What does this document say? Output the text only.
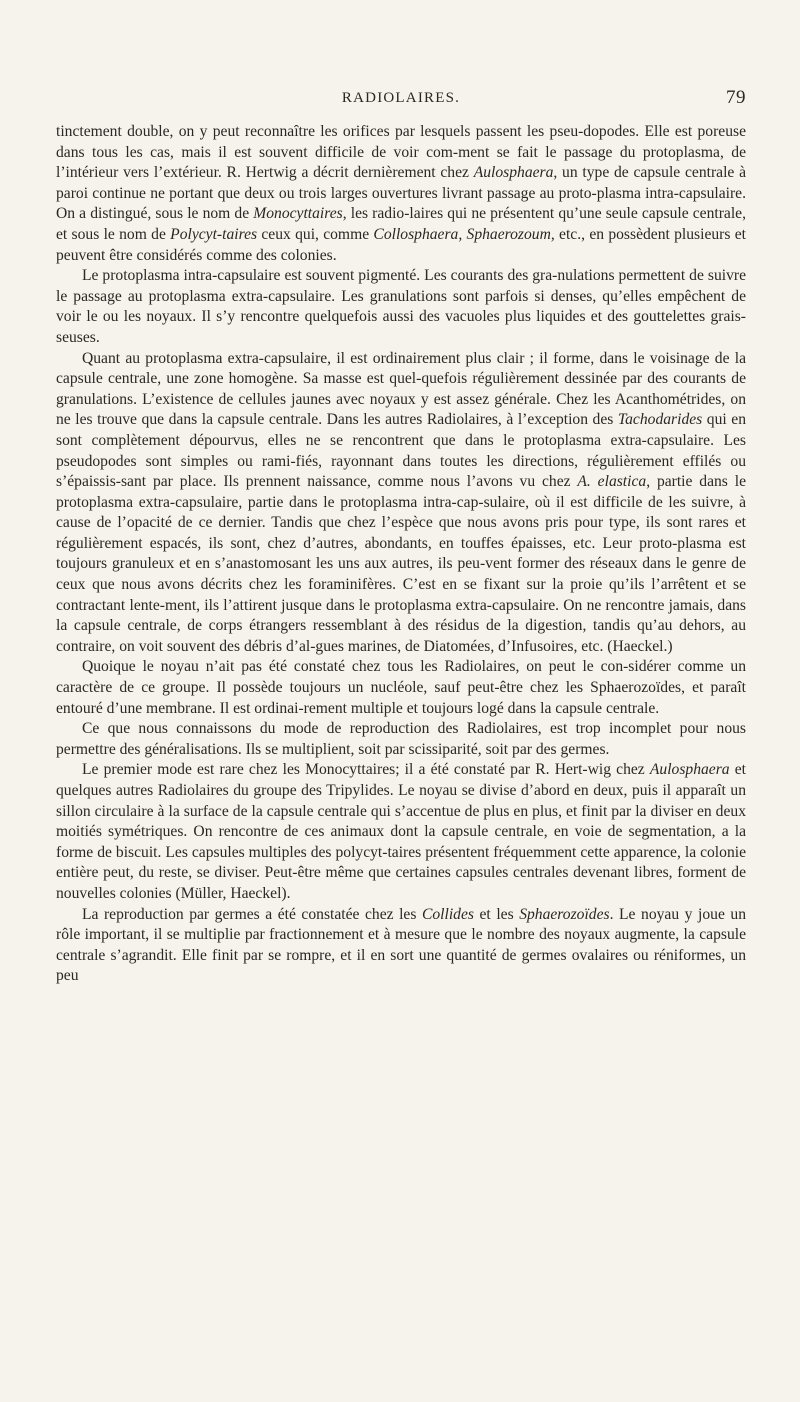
RADIOLAIRES.	79

tinctement double, on y peut reconnaître les orifices par lesquels passent les pseu-dopodes. Elle est poreuse dans tous les cas, mais il est souvent difficile de voir com-ment se fait le passage du protoplasma, de l’intérieur vers l’extérieur. R. Hertwig a décrit dernièrement chez Aulosphaera, un type de capsule centrale à paroi continue ne portant que deux ou trois larges ouvertures livrant passage au proto-plasma intra-capsulaire. On a distingué, sous le nom de Monocyttaires, les radio-laires qui ne présentent qu’une seule capsule centrale, et sous le nom de Polycyt-taires ceux qui, comme Collosphaera, Sphaerozoum, etc., en possèdent plusieurs et peuvent être considérés comme des colonies.

Le protoplasma intra-capsulaire est souvent pigmenté. Les courants des gra-nulations permettent de suivre le passage au protoplasma extra-capsulaire. Les granulations sont parfois si denses, qu’elles empêchent de voir le ou les noyaux. Il s’y rencontre quelquefois aussi des vacuoles plus liquides et des gouttelettes grais-seuses.

Quant au protoplasma extra-capsulaire, il est ordinairement plus clair ; il forme, dans le voisinage de la capsule centrale, une zone homogène. Sa masse est quel-quefois régulièrement dessinée par des courants de granulations. L’existence de cellules jaunes avec noyaux y est assez générale. Chez les Acanthométrides, on ne les trouve que dans la capsule centrale. Dans les autres Radiolaires, à l’exception des Tachodarides qui en sont complètement dépourvus, elles ne se rencontrent que dans le protoplasma extra-capsulaire. Les pseudopodes sont simples ou rami-fiés, rayonnant dans toutes les directions, régulièrement effilés ou s’épaissis-sant par place. Ils prennent naissance, comme nous l’avons vu chez A. elastica, partie dans le protoplasma extra-capsulaire, partie dans le protoplasma intra-cap-sulaire, où il est difficile de les suivre, à cause de l’opacité de ce dernier. Tandis que chez l’espèce que nous avons pris pour type, ils sont rares et régulièrement espacés, ils sont, chez d’autres, abondants, en touffes épaisses, etc. Leur proto-plasma est toujours granuleux et en s’anastomosant les uns aux autres, ils peu-vent former des réseaux dans le genre de ceux que nous avons décrits chez les foraminifères. C’est en se fixant sur la proie qu’ils l’arrêtent et se contractant lente-ment, ils l’attirent jusque dans le protoplasma extra-capsulaire. On ne rencontre jamais, dans la capsule centrale, de corps étrangers ressemblant à des résidus de la digestion, tandis qu’au dehors, au contraire, on voit souvent des débris d’al-gues marines, de Diatomées, d’Infusoires, etc. (Haeckel.)

Quoique le noyau n’ait pas été constaté chez tous les Radiolaires, on peut le con-sidérer comme un caractère de ce groupe. Il possède toujours un nucléole, sauf peut-être chez les Sphaerozoïdes, et paraît entouré d’une membrane. Il est ordinai-rement multiple et toujours logé dans la capsule centrale.

Ce que nous connaissons du mode de reproduction des Radiolaires, est trop incomplet pour nous permettre des généralisations. Ils se multiplient, soit par scissiparité, soit par des germes.

Le premier mode est rare chez les Monocyttaires; il a été constaté par R. Hert-wig chez Aulosphaera et quelques autres Radiolaires du groupe des Tripylides. Le noyau se divise d’abord en deux, puis il apparaît un sillon circulaire à la surface de la capsule centrale qui s’accentue de plus en plus, et finit par la diviser en deux moitiés symétriques. On rencontre de ces animaux dont la capsule centrale, en voie de segmentation, a la forme de biscuit. Les capsules multiples des polycyt-taires présentent fréquemment cette apparence, la colonie entière peut, du reste, se diviser. Peut-être même que certaines capsules centrales devenant libres, forment de nouvelles colonies (Müller, Haeckel).

La reproduction par germes a été constatée chez les Collides et les Sphaerozoïdes. Le noyau y joue un rôle important, il se multiplie par fractionnement et à mesure que le nombre des noyaux augmente, la capsule centrale s’agrandit. Elle finit par se rompre, et il en sort une quantité de germes ovalaires ou réniformes, un peu
